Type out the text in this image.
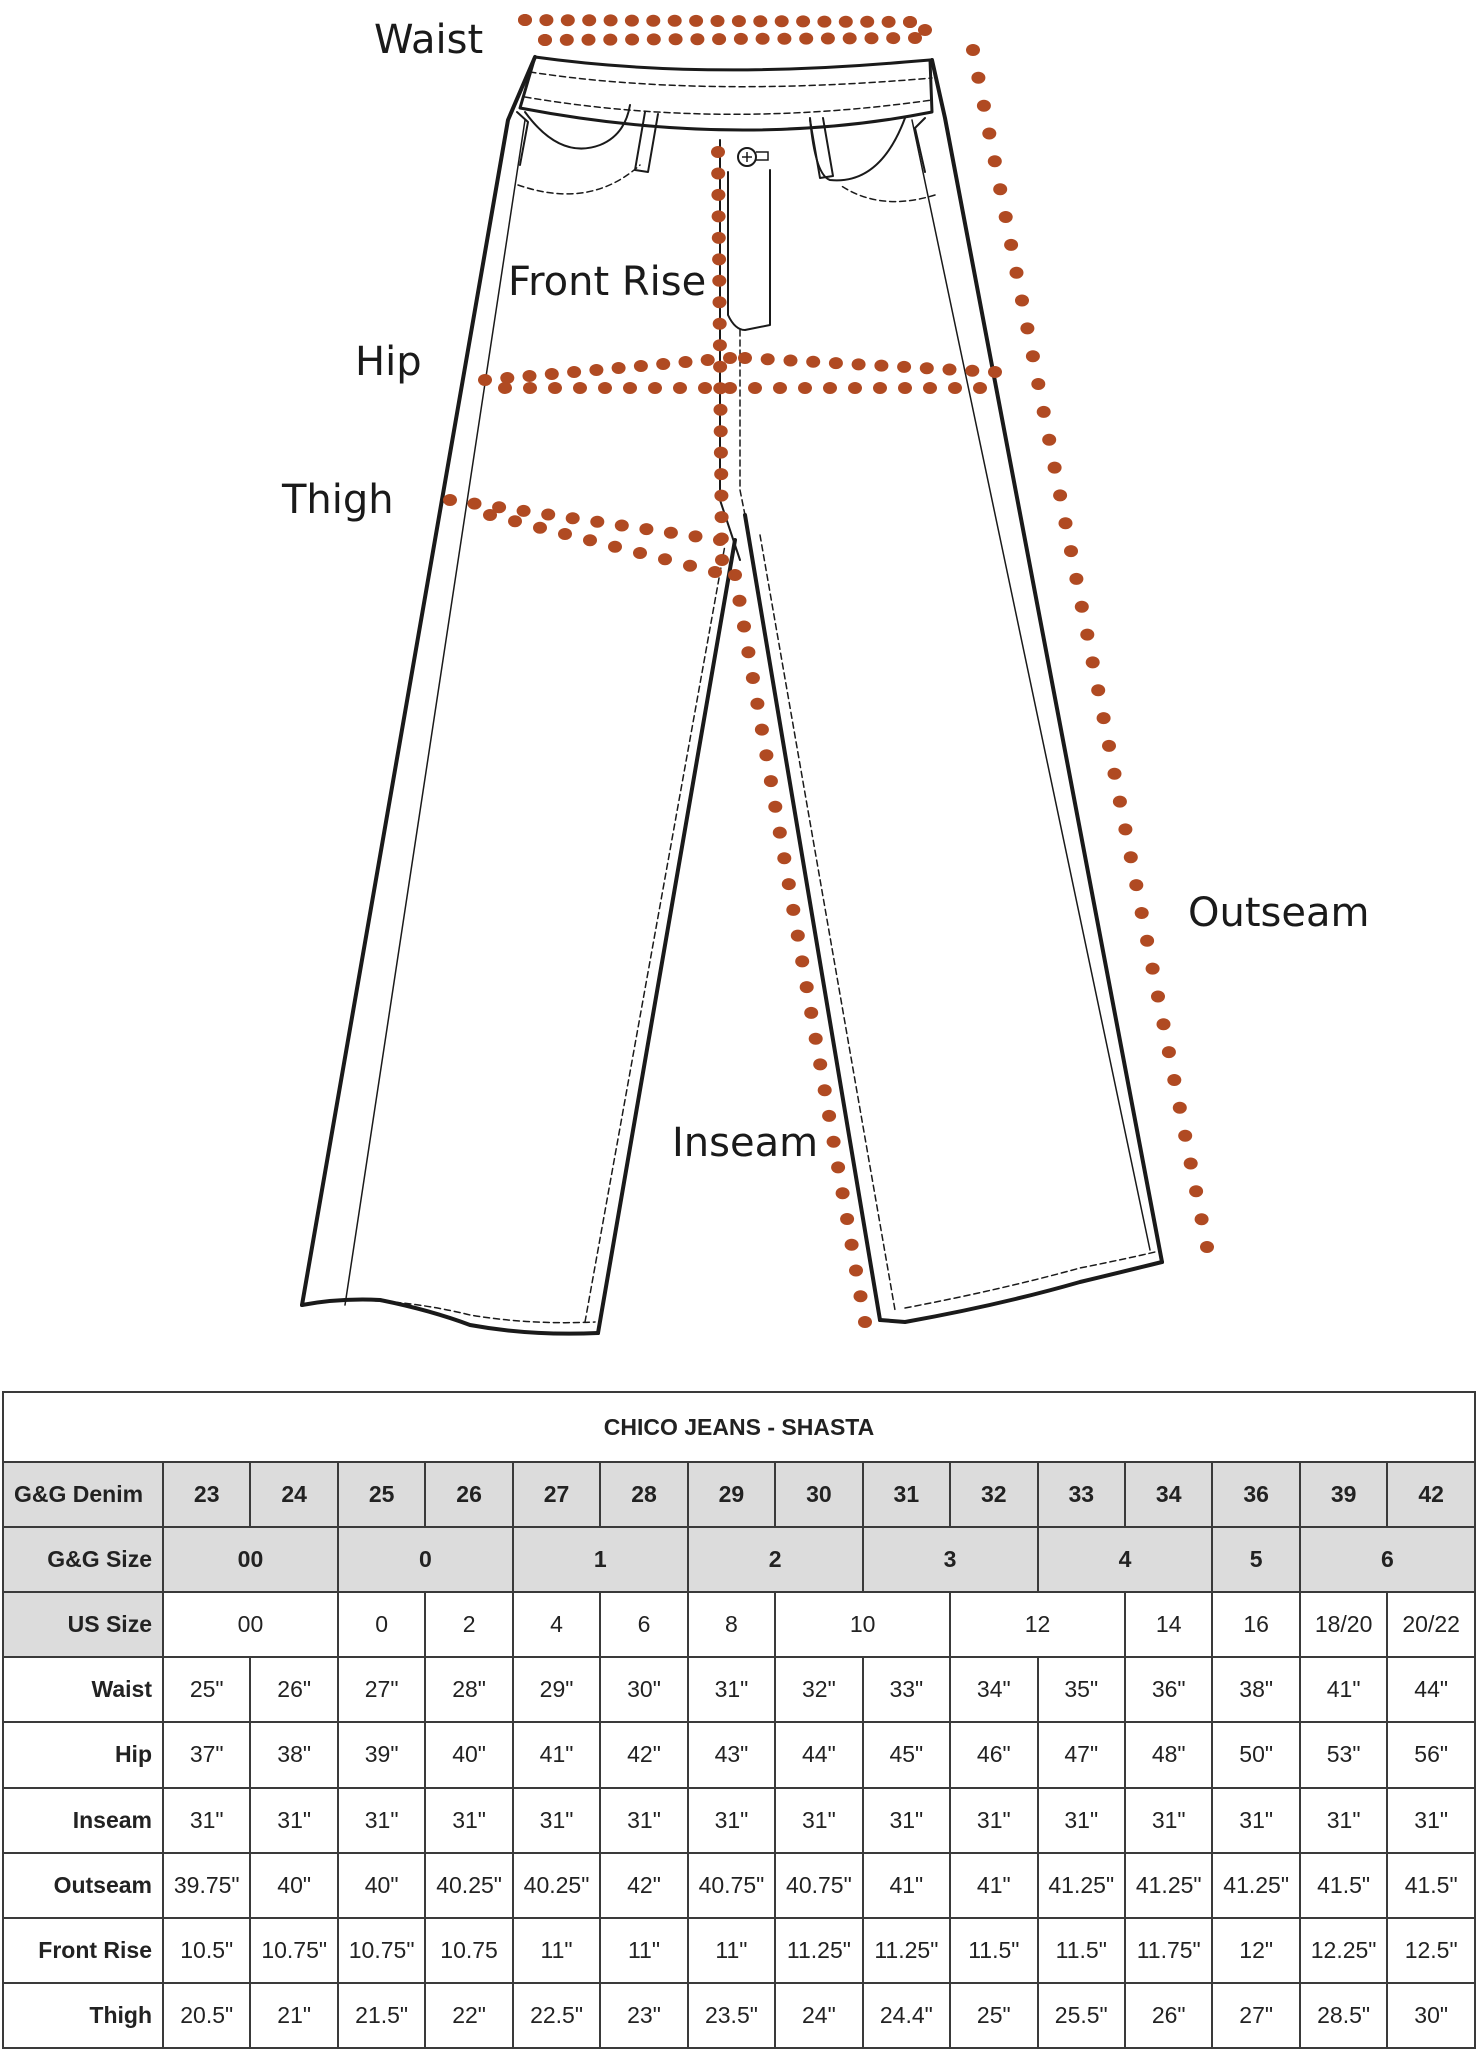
Waist
Front Rise
Hip
Thigh
Outseam
Inseam
CHICO JEANS - SHASTA															
G&G Denim	23	24	25	26	27	28	29	30	31	32	33	34	36	39	42
G&G Size	00		0		1		2		3		4		5	6	
US Size	00		0	2	4	6	8	10		12		14	16	18/20	20/22
Waist	25"	26"	27"	28"	29"	30"	31"	32"	33"	34"	35"	36"	38"	41"	44"
Hip	37"	38"	39"	40"	41"	42"	43"	44"	45"	46"	47"	48"	50"	53"	56"
Inseam	31"	31"	31"	31"	31"	31"	31"	31"	31"	31"	31"	31"	31"	31"	31"
Outseam	39.75"	40"	40"	40.25"	40.25"	42"	40.75"	40.75"	41"	41"	41.25"	41.25"	41.25"	41.5"	41.5"
Front Rise	10.5"	10.75"	10.75"	10.75	11"	11"	11"	11.25"	11.25"	11.5"	11.5"	11.75"	12"	12.25"	12.5"
Thigh	20.5"	21"	21.5"	22"	22.5"	23"	23.5"	24"	24.4"	25"	25.5"	26"	27"	28.5"	30"
